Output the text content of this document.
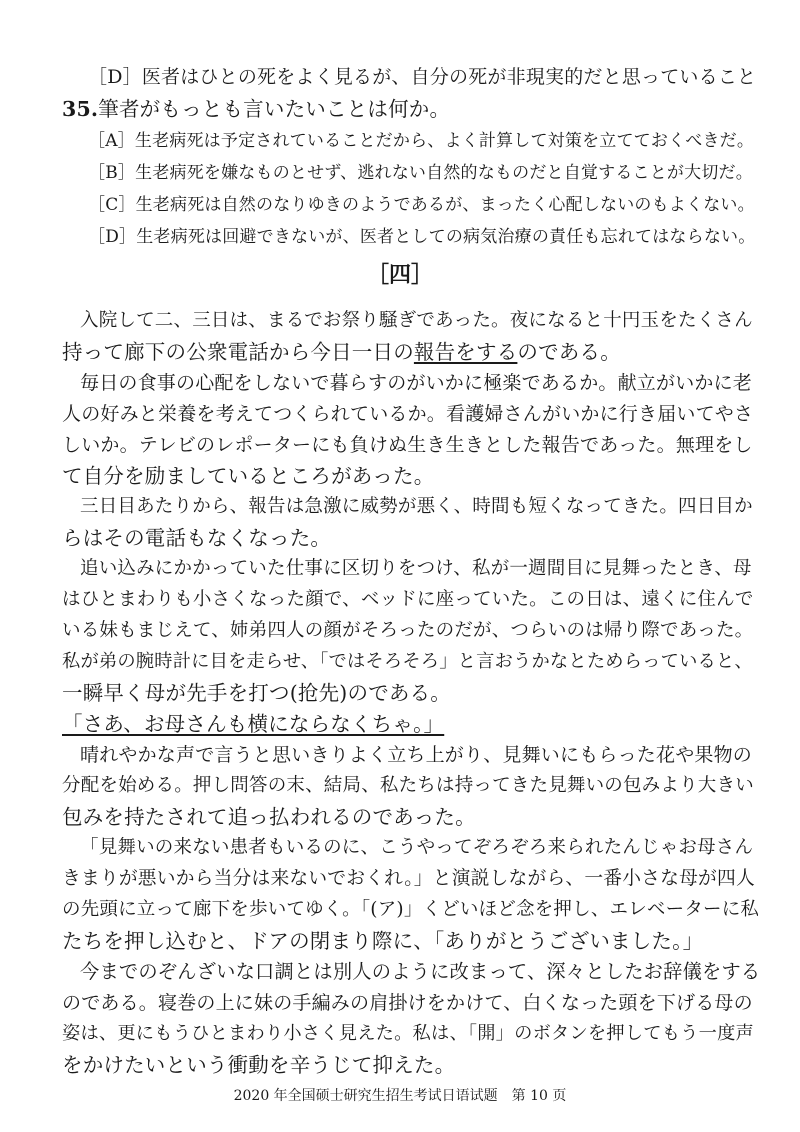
［D］医者はひとの死をよく見るが、自分の死が非現実的だと思っていること
35.筆者がもっとも言いたいことは何か。
［A］生老病死は予定されていることだから、よく計算して対策を立てておくべきだ。
［B］生老病死を嫌なものとせず、逃れない自然的なものだと自覚することが大切だ。
［C］生老病死は自然のなりゆきのようであるが、まったく心配しないのもよくない。
［D］生老病死は回避できないが、医者としての病気治療の責任も忘れてはならない。
［四］
入院して二、三日は、まるでお祭り騒ぎであった。夜になると十円玉をたくさん
持って廊下の公衆電話から今日一日の報告をするのである。
毎日の食事の心配をしないで暮らすのがいかに極楽であるか。献立がいかに老
人の好みと栄養を考えてつくられているか。看護婦さんがいかに行き届いてやさ
しいか。テレビのレポーターにも負けぬ生き生きとした報告であった。無理をし
て自分を励ましているところがあった。
三日目あたりから、報告は急激に威勢が悪く、時間も短くなってきた。四日目か
らはその電話もなくなった。
追い込みにかかっていた仕事に区切りをつけ、私が一週間目に見舞ったとき、母
はひとまわりも小さくなった顔で、ベッドに座っていた。この日は、遠くに住んで
いる妹もまじえて、姉弟四人の顔がそろったのだが、つらいのは帰り際であった。
私が弟の腕時計に目を走らせ、「ではそろそろ」と言おうかなとためらっていると、
一瞬早く母が先手を打つ(抢先)のである。
「さあ、お母さんも横にならなくちゃ。」
晴れやかな声で言うと思いきりよく立ち上がり、見舞いにもらった花や果物の
分配を始める。押し問答の末、結局、私たちは持ってきた見舞いの包みより大きい
包みを持たされて追っ払われるのであった。
「見舞いの来ない患者もいるのに、こうやってぞろぞろ来られたんじゃお母さん
きまりが悪いから当分は来ないでおくれ。」と演説しながら、一番小さな母が四人
の先頭に立って廊下を歩いてゆく。「(ア)」くどいほど念を押し、エレベーターに私
たちを押し込むと、ドアの閉まり際に、「ありがとうございました。」
今までのぞんざいな口調とは別人のように改まって、深々としたお辞儀をする
のである。寝巻の上に妹の手編みの肩掛けをかけて、白くなった頭を下げる母の
姿は、更にもうひとまわり小さく見えた。私は、「開」のボタンを押してもう一度声
をかけたいという衝動を辛うじて抑えた。
2020 年全国硕士研究生招生考试日语试题　第 10 页
